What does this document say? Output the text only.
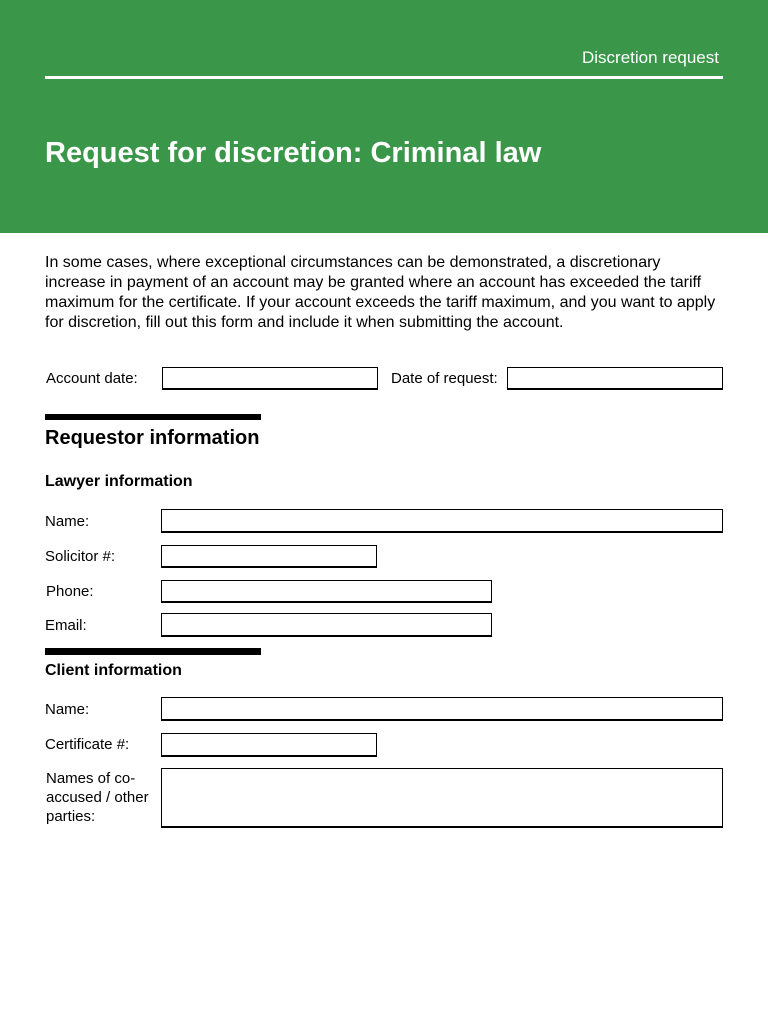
Discretion request
Request for discretion: Criminal law

In some cases, where exceptional circumstances can be demonstrated, a discretionary increase in payment of an account may be granted where an account has exceeded the tariff maximum for the certificate. If your account exceeds the tariff maximum, and you want to apply for discretion, fill out this form and include it when submitting the account.

Account date:	Date of request:
Requestor information
Lawyer information
Name:
Solicitor #:
Phone:
Email:
Client information
Name:
Certificate #:
Names of co-accused / other parties:
